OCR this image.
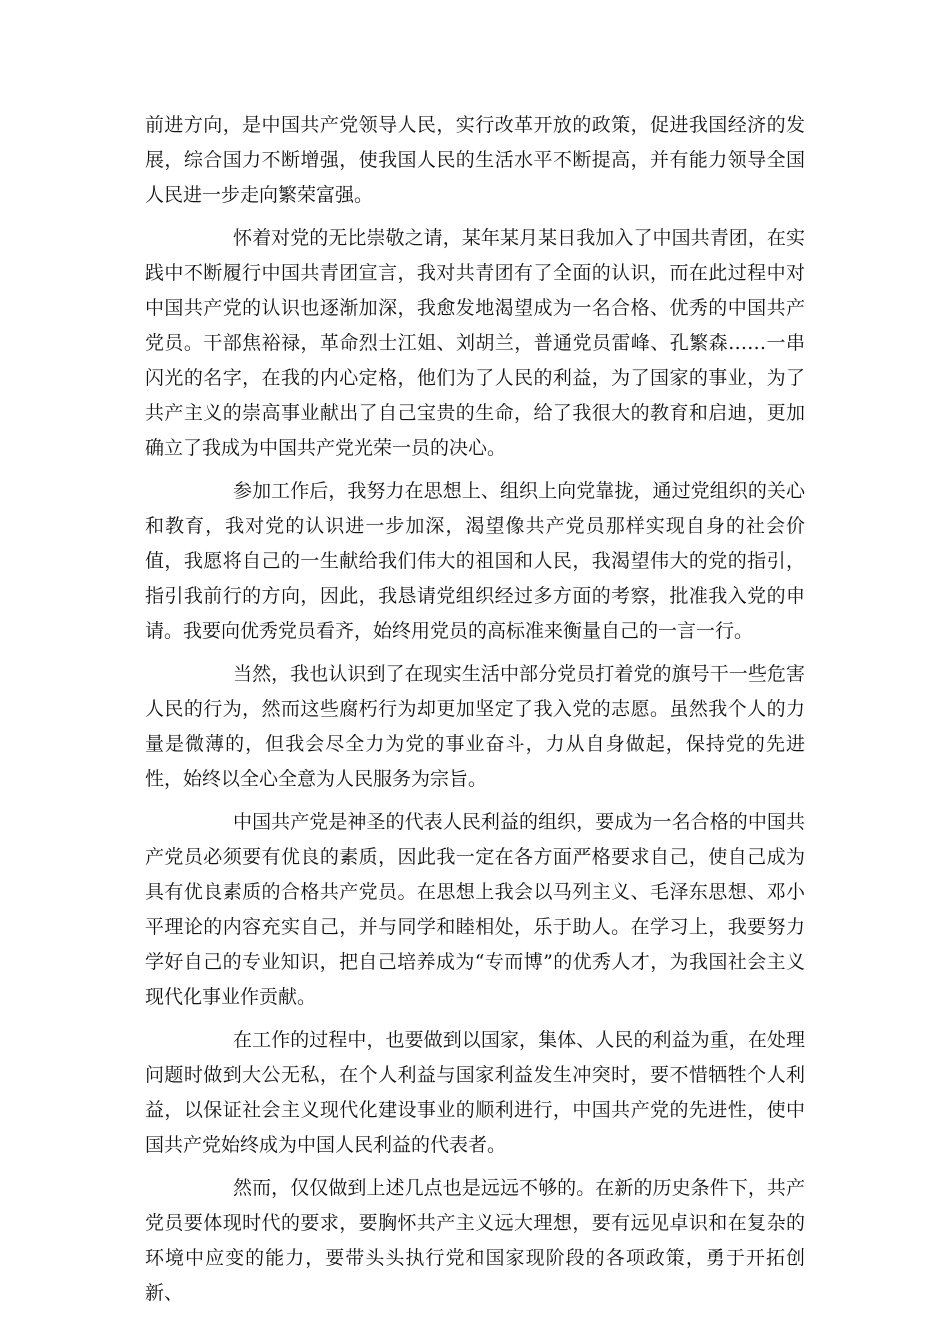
前进方向，是中国共产党领导人民，实行改革开放的政策，促进我国经济的发展，综合国力不断增强，使我国人民的生活水平不断提高，并有能力领导全国人民进一步走向繁荣富强。

怀着对党的无比崇敬之请，某年某月某日我加入了中国共青团，在实践中不断履行中国共青团宣言，我对共青团有了全面的认识，而在此过程中对中国共产党的认识也逐渐加深，我愈发地渴望成为一名合格、优秀的中国共产党员。干部焦裕禄，革命烈士江姐、刘胡兰，普通党员雷峰、孔繁森……一串闪光的名字，在我的内心定格，他们为了人民的利益，为了国家的事业，为了共产主义的崇高事业献出了自己宝贵的生命，给了我很大的教育和启迪，更加确立了我成为中国共产党光荣一员的决心。

参加工作后，我努力在思想上、组织上向党靠拢，通过党组织的关心和教育，我对党的认识进一步加深，渴望像共产党员那样实现自身的社会价值，我愿将自己的一生献给我们伟大的祖国和人民，我渴望伟大的党的指引，指引我前行的方向，因此，我恳请党组织经过多方面的考察，批准我入党的申请。我要向优秀党员看齐，始终用党员的高标准来衡量自己的一言一行。

当然，我也认识到了在现实生活中部分党员打着党的旗号干一些危害人民的行为，然而这些腐朽行为却更加坚定了我入党的志愿。虽然我个人的力量是微薄的，但我会尽全力为党的事业奋斗，力从自身做起，保持党的先进性，始终以全心全意为人民服务为宗旨。

中国共产党是神圣的代表人民利益的组织，要成为一名合格的中国共产党员必须要有优良的素质，因此我一定在各方面严格要求自己，使自己成为具有优良素质的合格共产党员。在思想上我会以马列主义、毛泽东思想、邓小平理论的内容充实自己，并与同学和睦相处，乐于助人。在学习上，我要努力学好自己的专业知识，把自己培养成为“专而博”的优秀人才，为我国社会主义现代化事业作贡献。

在工作的过程中，也要做到以国家，集体、人民的利益为重，在处理问题时做到大公无私，在个人利益与国家利益发生冲突时，要不惜牺牲个人利益，以保证社会主义现代化建设事业的顺利进行，中国共产党的先进性，使中国共产党始终成为中国人民利益的代表者。

然而，仅仅做到上述几点也是远远不够的。在新的历史条件下，共产党员要体现时代的要求，要胸怀共产主义远大理想，要有远见卓识和在复杂的环境中应变的能力，要带头头执行党和国家现阶段的各项政策，勇于开拓创新、
